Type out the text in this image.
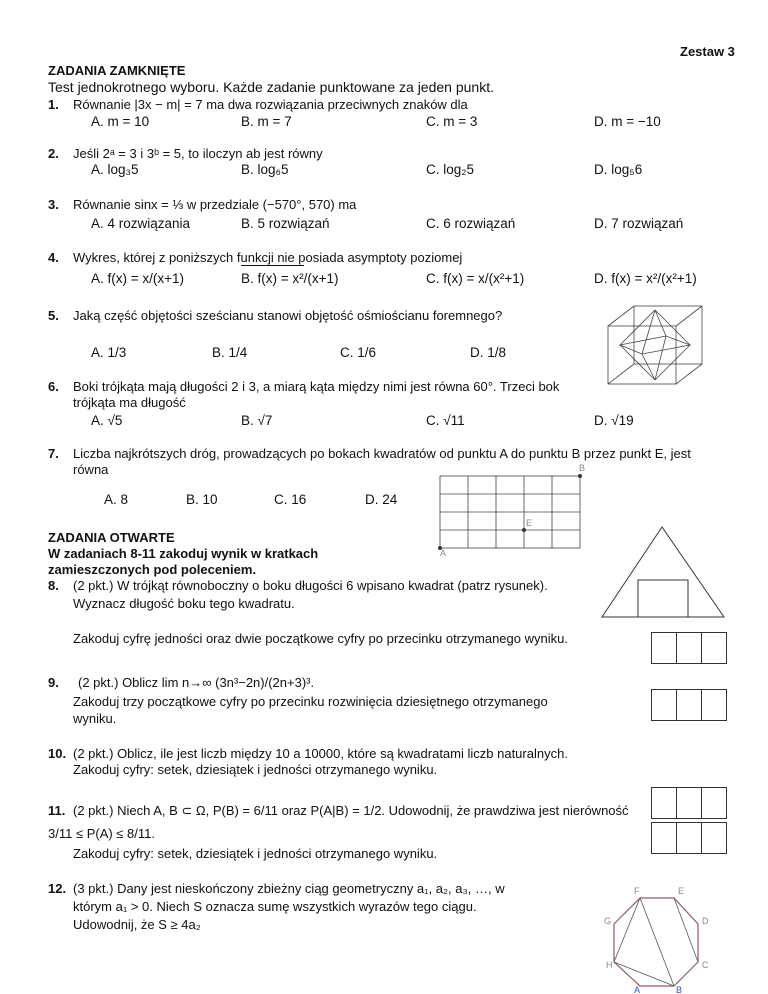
Zestaw 3
ZADANIA ZAMKNIĘTE
Test jednokrotnego wyboru. Każde zadanie punktowane za jeden punkt.
1. Równanie |3x − m| = 7 ma dwa rozwiązania przeciwnych znaków dla
A. m = 10	B. m = 7	C. m = 3	D. m = −10
2. Jeśli 2ᵃ = 3 i 3ᵇ = 5, to iloczyn ab jest równy
A. log₃5	B. log₆5	C. log₂5	D. log₅6
3. Równanie sinx = ⅓ w przedziale (−570°, 570) ma
A. 4 rozwiązania	B. 5 rozwiązań	C. 6 rozwiązań	D. 7 rozwiązań
4. Wykres, której z poniższych funkcji nie posiada asymptoty poziomej
A. f(x) = x/(x+1)	B. f(x) = x²/(x+1)	C. f(x) = x/(x²+1)	D. f(x) = x²/(x²+1)
5. Jaką część objętości sześcianu stanowi objętość ośmiościanu foremnego?
A. 1/3	B. 1/4	C. 1/6	D. 1/8
6. Boki trójkąta mają długości 2 i 3, a miarą kąta między nimi jest równa 60°. Trzeci bok
trójkąta ma długość
A. √5	B. √7	C. √11	D. √19
7. Liczba najkrótszych dróg, prowadzących po bokach kwadratów od punktu A do punktu B przez punkt E, jest
równa
A. 8	B. 10	C. 16	D. 24
A
E
B
ZADANIA OTWARTE
W zadaniach 8-11 zakoduj wynik w kratkach
zamieszczonych pod poleceniem.
8. (2 pkt.) W trójkąt równoboczny o boku długości 6 wpisano kwadrat (patrz rysunek).
Wyznacz długość boku tego kwadratu.
Zakoduj cyfrę jedności oraz dwie początkowe cyfry po przecinku otrzymanego wyniku.
9. (2 pkt.) Oblicz lim n→∞ (3n³−2n)/(2n+3)³.
Zakoduj trzy początkowe cyfry po przecinku rozwinięcia dziesiętnego otrzymanego
wyniku.
10. (2 pkt.) Oblicz, ile jest liczb między 10 a 10000, które są kwadratami liczb naturalnych.
Zakoduj cyfry: setek, dziesiątek i jedności otrzymanego wyniku.
11. (2 pkt.) Niech A, B ⊂ Ω, P(B) = 6/11 oraz P(A|B) = 1/2. Udowodnij, że prawdziwa jest nierówność
3/11 ≤ P(A) ≤ 8/11.
Zakoduj cyfry: setek, dziesiątek i jedności otrzymanego wyniku.
12. (3 pkt.) Dany jest nieskończony zbieżny ciąg geometryczny a₁, a₂, a₃, …, w
którym a₁ > 0. Niech S oznacza sumę wszystkich wyrazów tego ciągu.
Udowodnij, że S ≥ 4a₂
F	E
G	D
H	C
A	B
